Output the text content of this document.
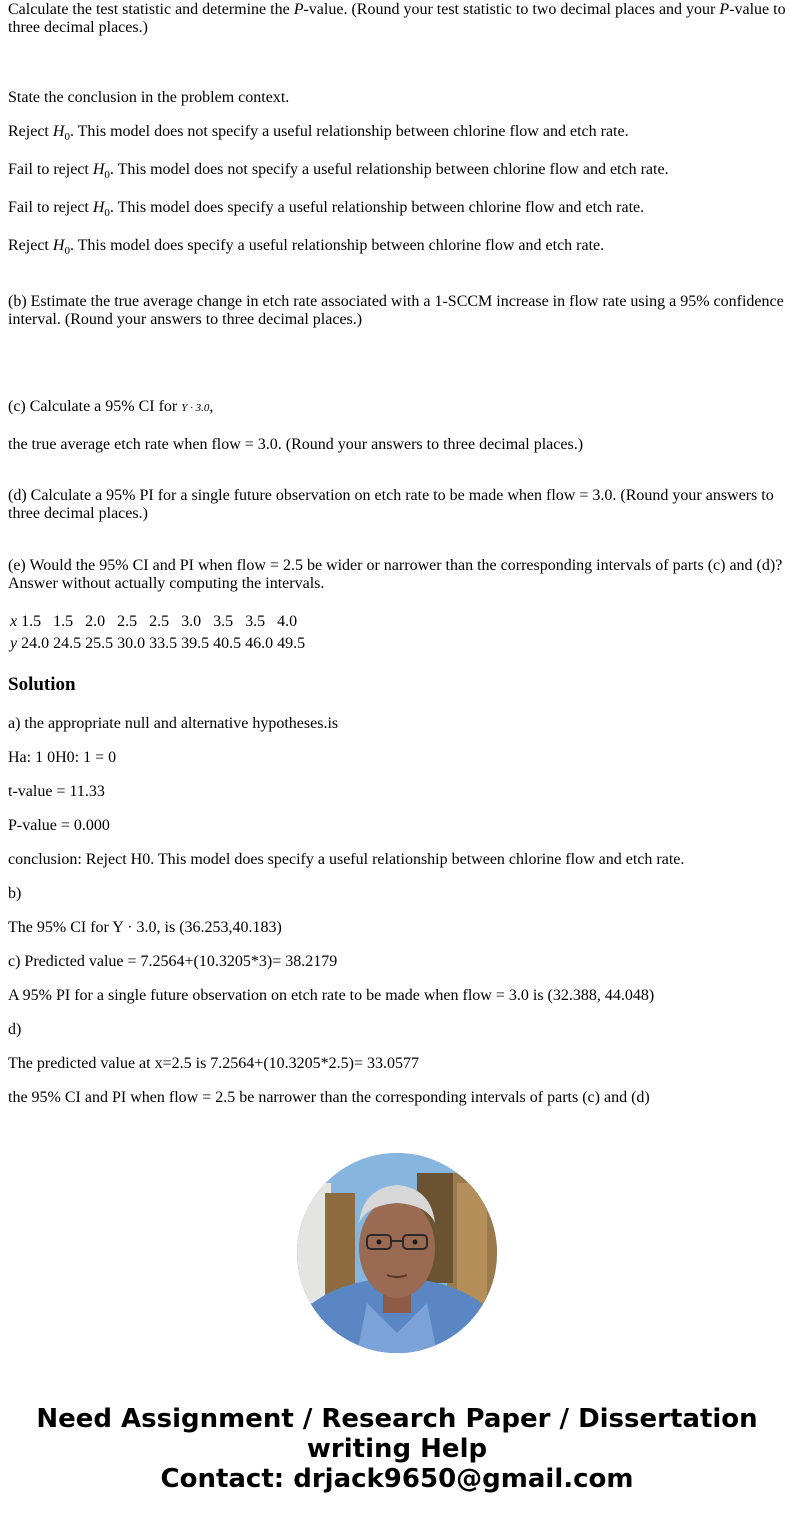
Calculate the test statistic and determine the P-value. (Round your test statistic to two decimal places and your P-value to three decimal places.)

State the conclusion in the problem context.

Reject $H_0$. This model does not specify a useful relationship between chlorine flow and etch rate.

Fail to reject $H_0$. This model does not specify a useful relationship between chlorine flow and etch rate.

Fail to reject $H_0$. This model does specify a useful relationship between chlorine flow and etch rate.

Reject $H_0$. This model does specify a useful relationship between chlorine flow and etch rate.

(b) Estimate the true average change in etch rate associated with a 1-SCCM increase in flow rate using a 95% confidence interval. (Round your answers to three decimal places.)

(c) Calculate a 95% CI for Y · 3.0,

the true average etch rate when flow = 3.0. (Round your answers to three decimal places.)

(d) Calculate a 95% PI for a single future observation on etch rate to be made when flow = 3.0. (Round your answers to three decimal places.)

(e) Would the 95% CI and PI when flow = 2.5 be wider or narrower than the corresponding intervals of parts (c) and (d)? Answer without actually computing the intervals.

x	1.5	1.5	2.0	2.5	2.5	3.0	3.5	3.5	4.0
y	24.0	24.5	25.5	30.0	33.5	39.5	40.5	46.0	49.5

Solution

a) the appropriate null and alternative hypotheses.is

Ha: 1 0H0: 1 = 0

t-value = 11.33

P-value = 0.000

conclusion: Reject H0. This model does specify a useful relationship between chlorine flow and etch rate.

b)

The 95% CI for Y · 3.0, is (36.253,40.183)

c) Predicted value = 7.2564+(10.3205*3)= 38.2179

A 95% PI for a single future observation on etch rate to be made when flow = 3.0 is (32.388, 44.048)

d)

The predicted value at x=2.5 is 7.2564+(10.3205*2.5)= 33.0577

the 95% CI and PI when flow = 2.5 be narrower than the corresponding intervals of parts (c) and (d)

Need Assignment / Research Paper / Dissertation
writing Help
Contact: drjack9650@gmail.com
